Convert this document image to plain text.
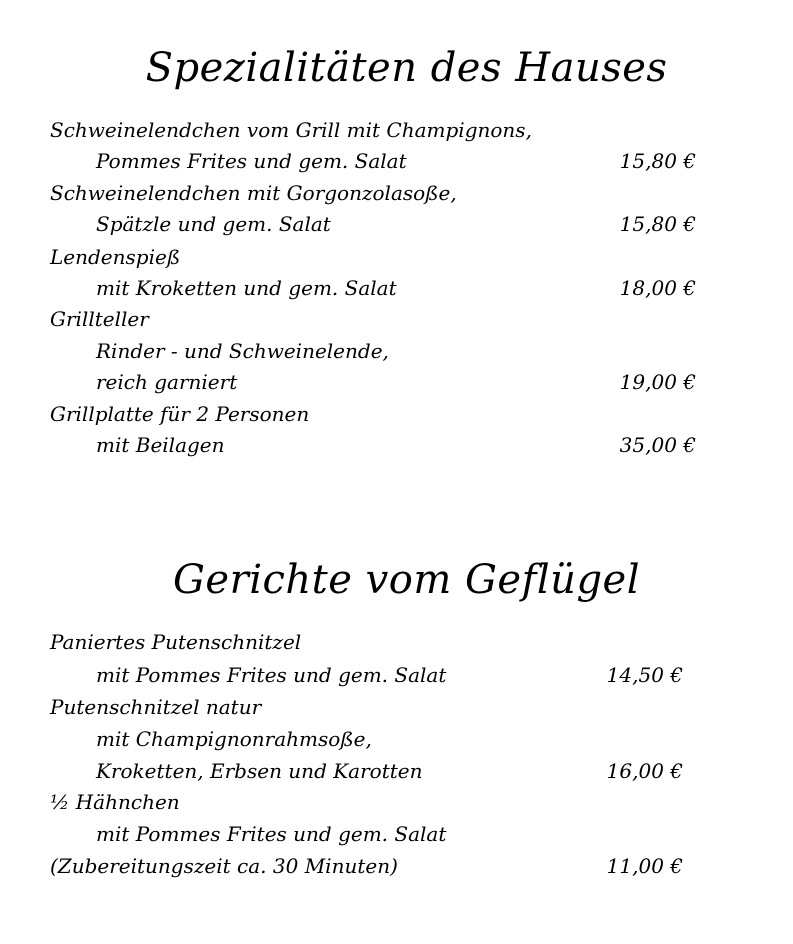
Spezialitäten des Hauses
Schweinelendchen vom Grill mit Champignons,
Pommes Frites und gem. Salat	15,80 €
Schweinelendchen mit Gorgonzolasoße,
Spätzle und gem. Salat	15,80 €
Lendenspieß
mit Kroketten und gem. Salat	18,00 €
Grillteller
Rinder - und Schweinelende,
reich garniert	19,00 €
Grillplatte für 2 Personen
mit Beilagen	35,00 €
Gerichte vom Geflügel
Paniertes Putenschnitzel
mit Pommes Frites und gem. Salat	14,50 €
Putenschnitzel natur
mit Champignonrahmsoße,
Kroketten, Erbsen und Karotten	16,00 €
½ Hähnchen
mit Pommes Frites und gem. Salat
(Zubereitungszeit ca. 30 Minuten)	11,00 €
